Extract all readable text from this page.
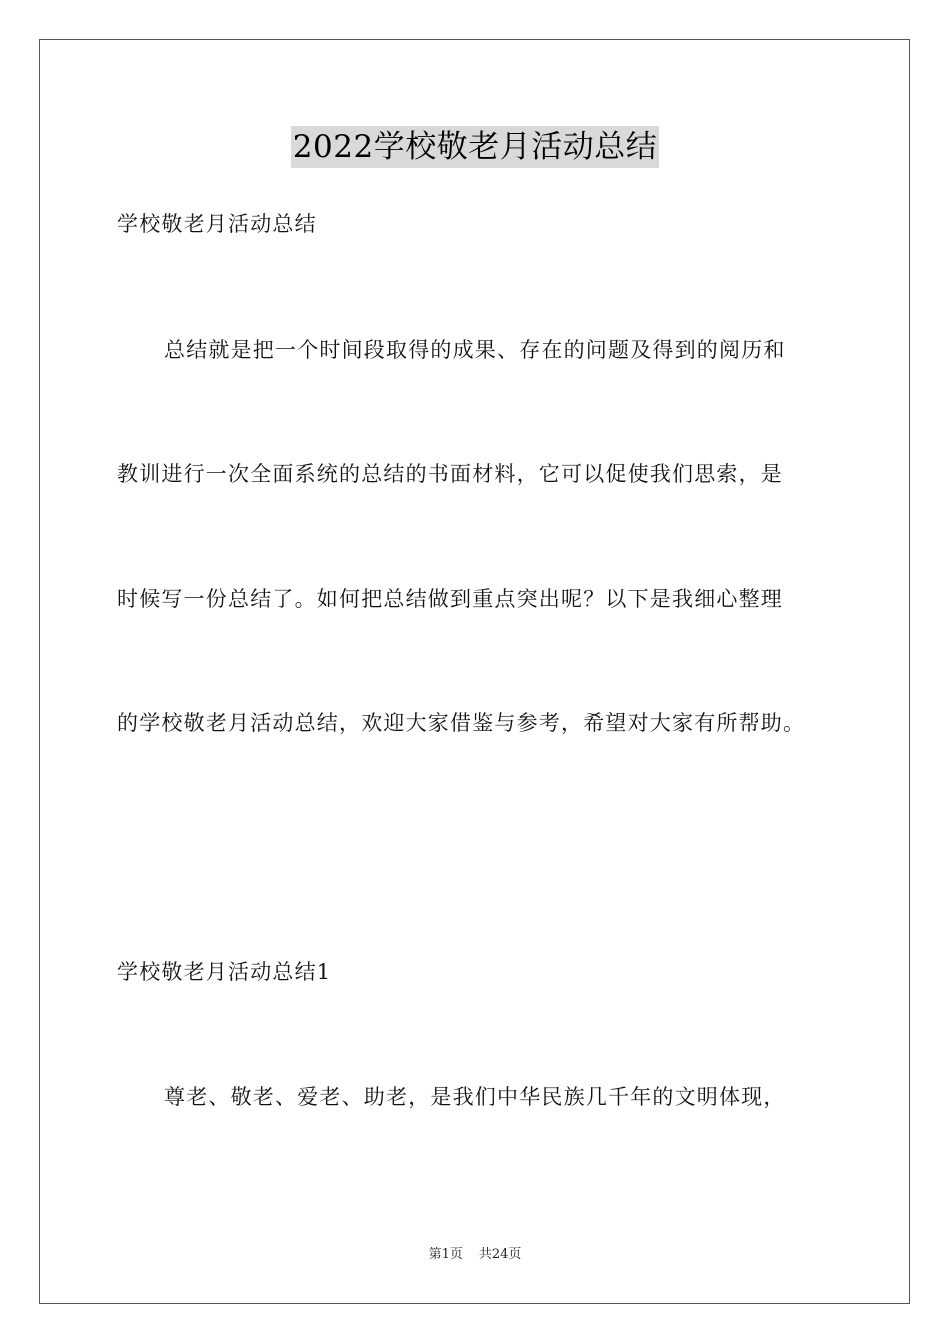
2022学校敬老月活动总结
学校敬老月活动总结
总结就是把一个时间段取得的成果、存在的问题及得到的阅历和
教训进行一次全面系统的总结的书面材料，它可以促使我们思索，是
时候写一份总结了。如何把总结做到重点突出呢？以下是我细心整理
的学校敬老月活动总结，欢迎大家借鉴与参考，希望对大家有所帮助。
学校敬老月活动总结1
尊老、敬老、爱老、助老，是我们中华民族几千年的文明体现，
第1页 共24页
